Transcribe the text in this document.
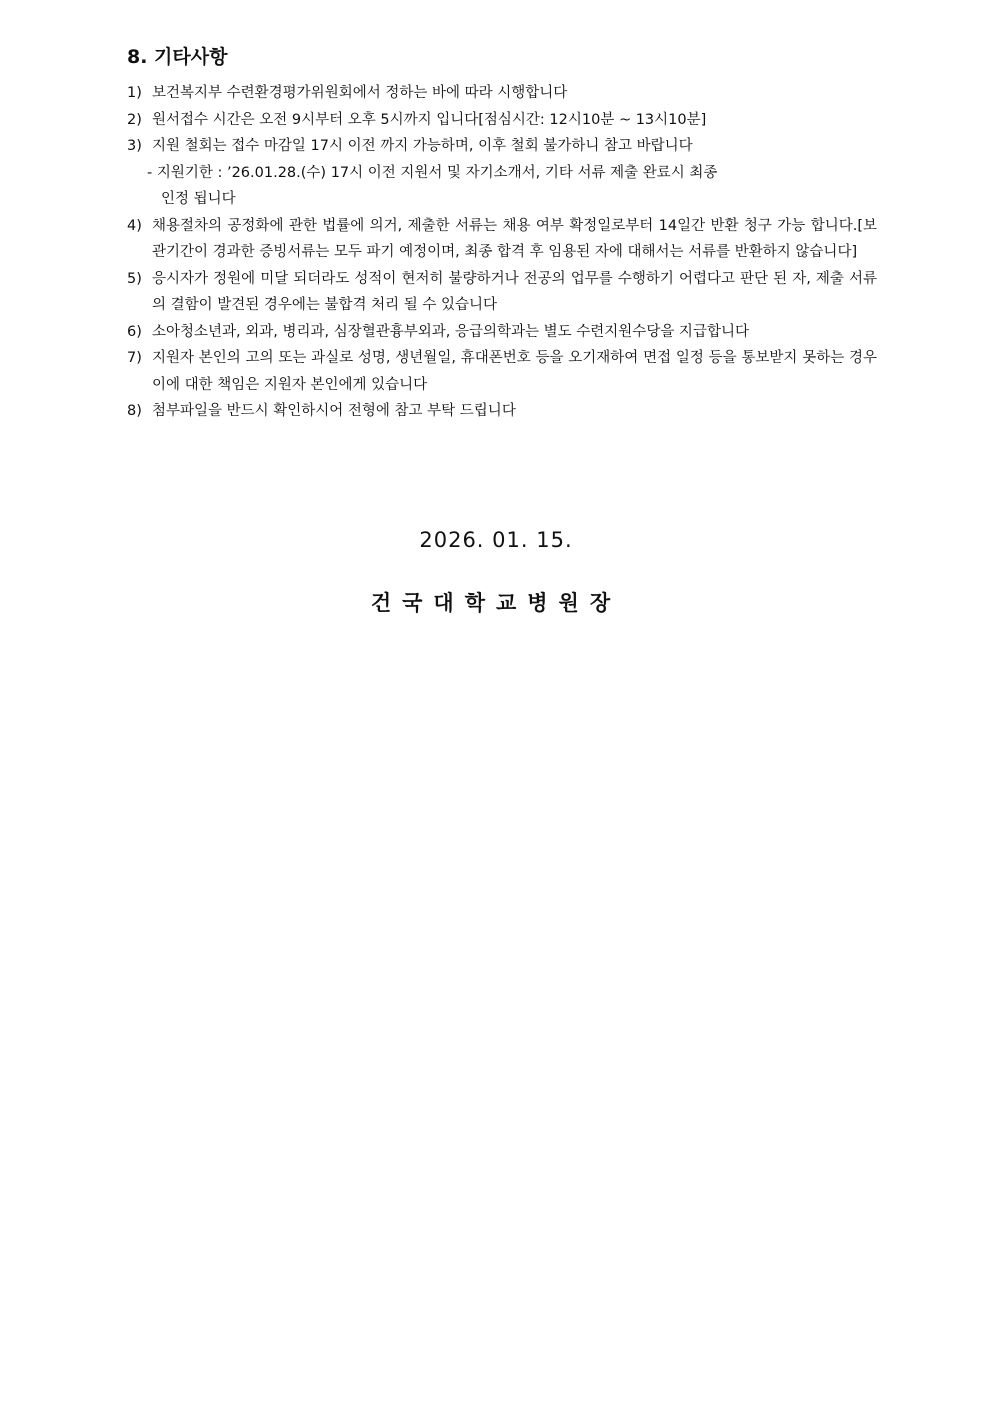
8. 기타사항
1) 보건복지부 수련환경평가위원회에서 정하는 바에 따라 시행합니다
2) 원서접수 시간은 오전 9시부터 오후 5시까지 입니다[점심시간: 12시10분 ~ 13시10분]
3) 지원 철회는 접수 마감일 17시 이전 까지 가능하며, 이후 철회 불가하니 참고 바랍니다
- 지원기한 : ’26.01.28.(수) 17시 이전 지원서 및 자기소개서, 기타 서류 제출 완료시 최종
인정 됩니다
4) 채용절차의 공정화에 관한 법률에 의거, 제출한 서류는 채용 여부 확정일로부터 14일간 반환 청구 가능 합니다.[보관기간이 경과한 증빙서류는 모두 파기 예정이며, 최종 합격 후 임용된 자에 대해서는 서류를 반환하지 않습니다]
5) 응시자가 정원에 미달 되더라도 성적이 현저히 불량하거나 전공의 업무를 수행하기 어렵다고 판단 된 자, 제출 서류의 결함이 발견된 경우에는 불합격 처리 될 수 있습니다
6) 소아청소년과, 외과, 병리과, 심장혈관흉부외과, 응급의학과는 별도 수련지원수당을 지급합니다
7) 지원자 본인의 고의 또는 과실로 성명, 생년월일, 휴대폰번호 등을 오기재하여 면접 일정 등을 통보받지 못하는 경우 이에 대한 책임은 지원자 본인에게 있습니다
8) 첨부파일을 반드시 확인하시어 전형에 참고 부탁 드립니다
2026. 01. 15.
건국대학교병원장
